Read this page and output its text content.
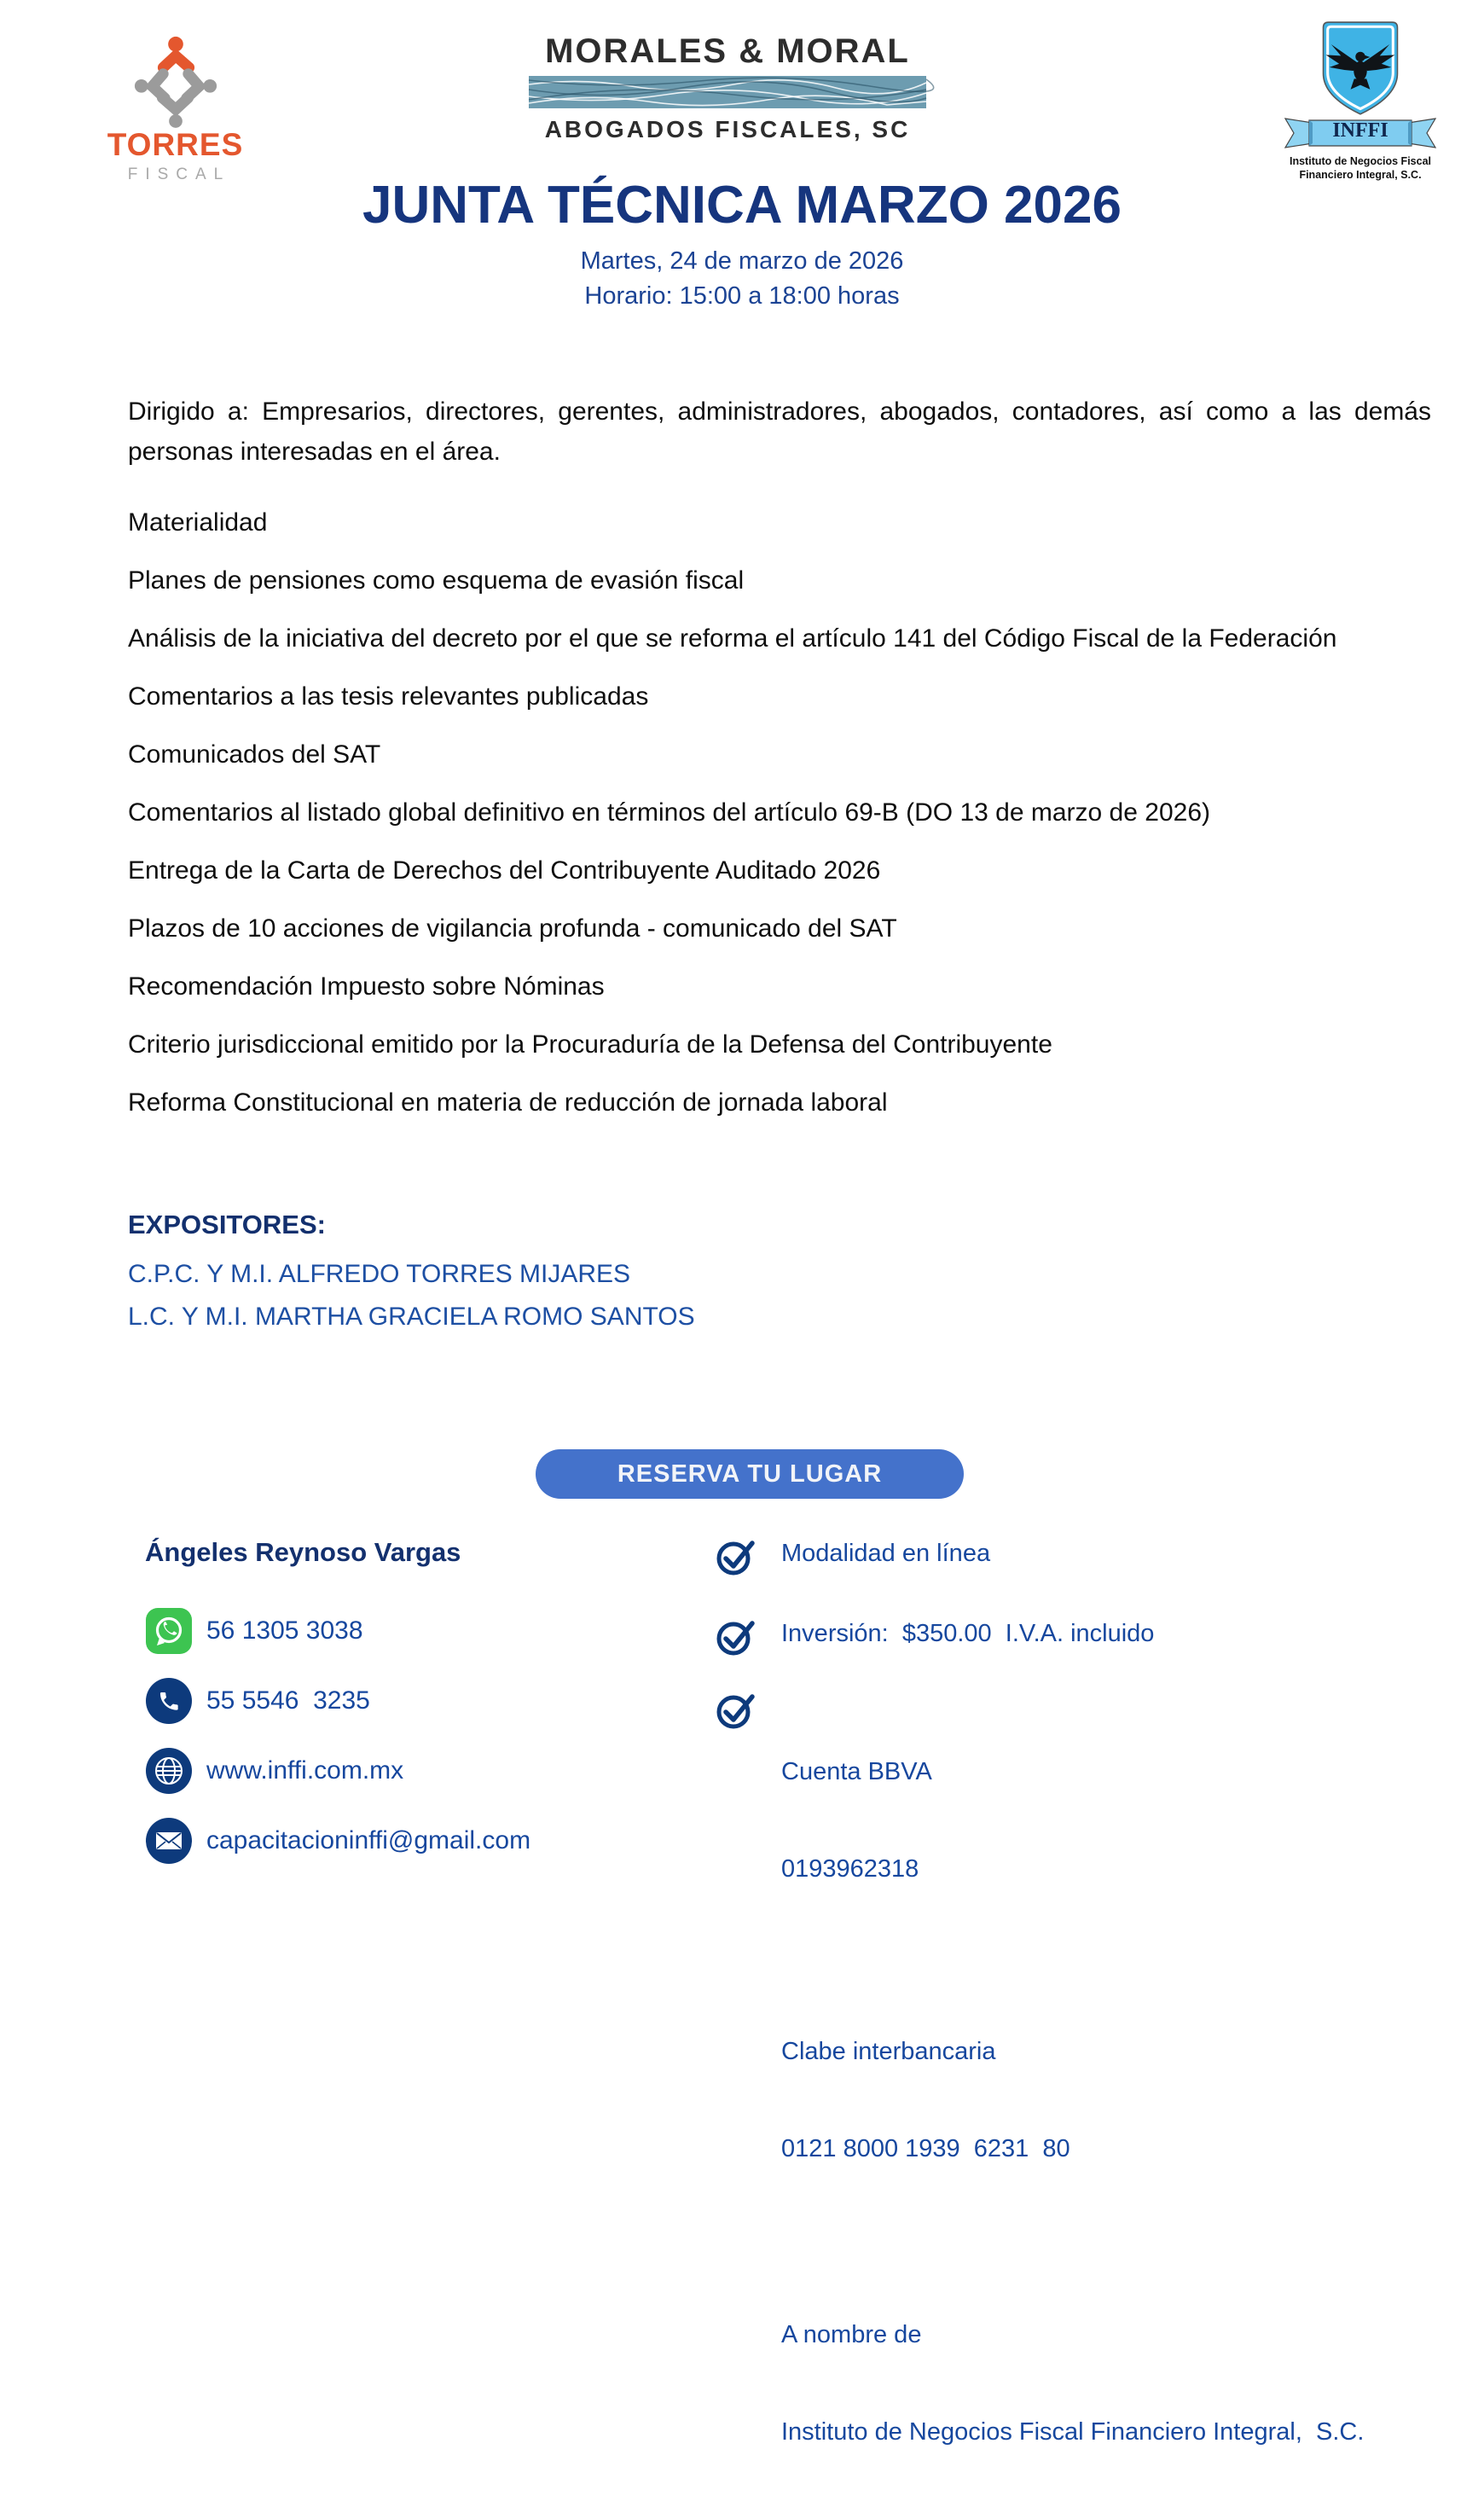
TORRES
FISCAL
MORALES & MORAL
ABOGADOS FISCALES, SC	INFFI
Instituto de Negocios Fiscal
Financiero Integral, S.C.
JUNTA TÉCNICA MARZO 2026
Martes, 24 de marzo de 2026
Horario: 15:00 a 18:00 horas

Dirigido a: Empresarios, directores, gerentes, administradores, abogados, contadores, así como a las demás personas interesadas en el área.

Materialidad

Planes de pensiones como esquema de evasión fiscal

Análisis de la iniciativa del decreto por el que se reforma el artículo 141 del Código Fiscal de la Federación

Comentarios a las tesis relevantes publicadas

Comunicados del SAT

Comentarios al listado global definitivo en términos del artículo 69-B (DO 13 de marzo de 2026)

Entrega de la Carta de Derechos del Contribuyente Auditado 2026

Plazos de 10 acciones de vigilancia profunda - comunicado del SAT

Recomendación Impuesto sobre Nóminas

Criterio jurisdiccional emitido por la Procuraduría de la Defensa del Contribuyente

Reforma Constitucional en materia de reducción de jornada laboral

EXPOSITORES:
C.P.C. Y M.I. ALFREDO TORRES MIJARES
L.C. Y M.I. MARTHA GRACIELA ROMO SANTOS
RESERVA TU LUGAR
Ángeles Reynoso Vargas
56 1305 3038
55 5546  3235
www.inffi.com.mx
capacitacioninffi@gmail.com
Modalidad en línea
Inversión:  $350.00  I.V.A. incluido

Cuenta BBVA

0193962318

Clabe interbancaria

0121 8000 1939  6231  80

A nombre de

Instituto de Negocios Fiscal Financiero Integral,  S.C.
